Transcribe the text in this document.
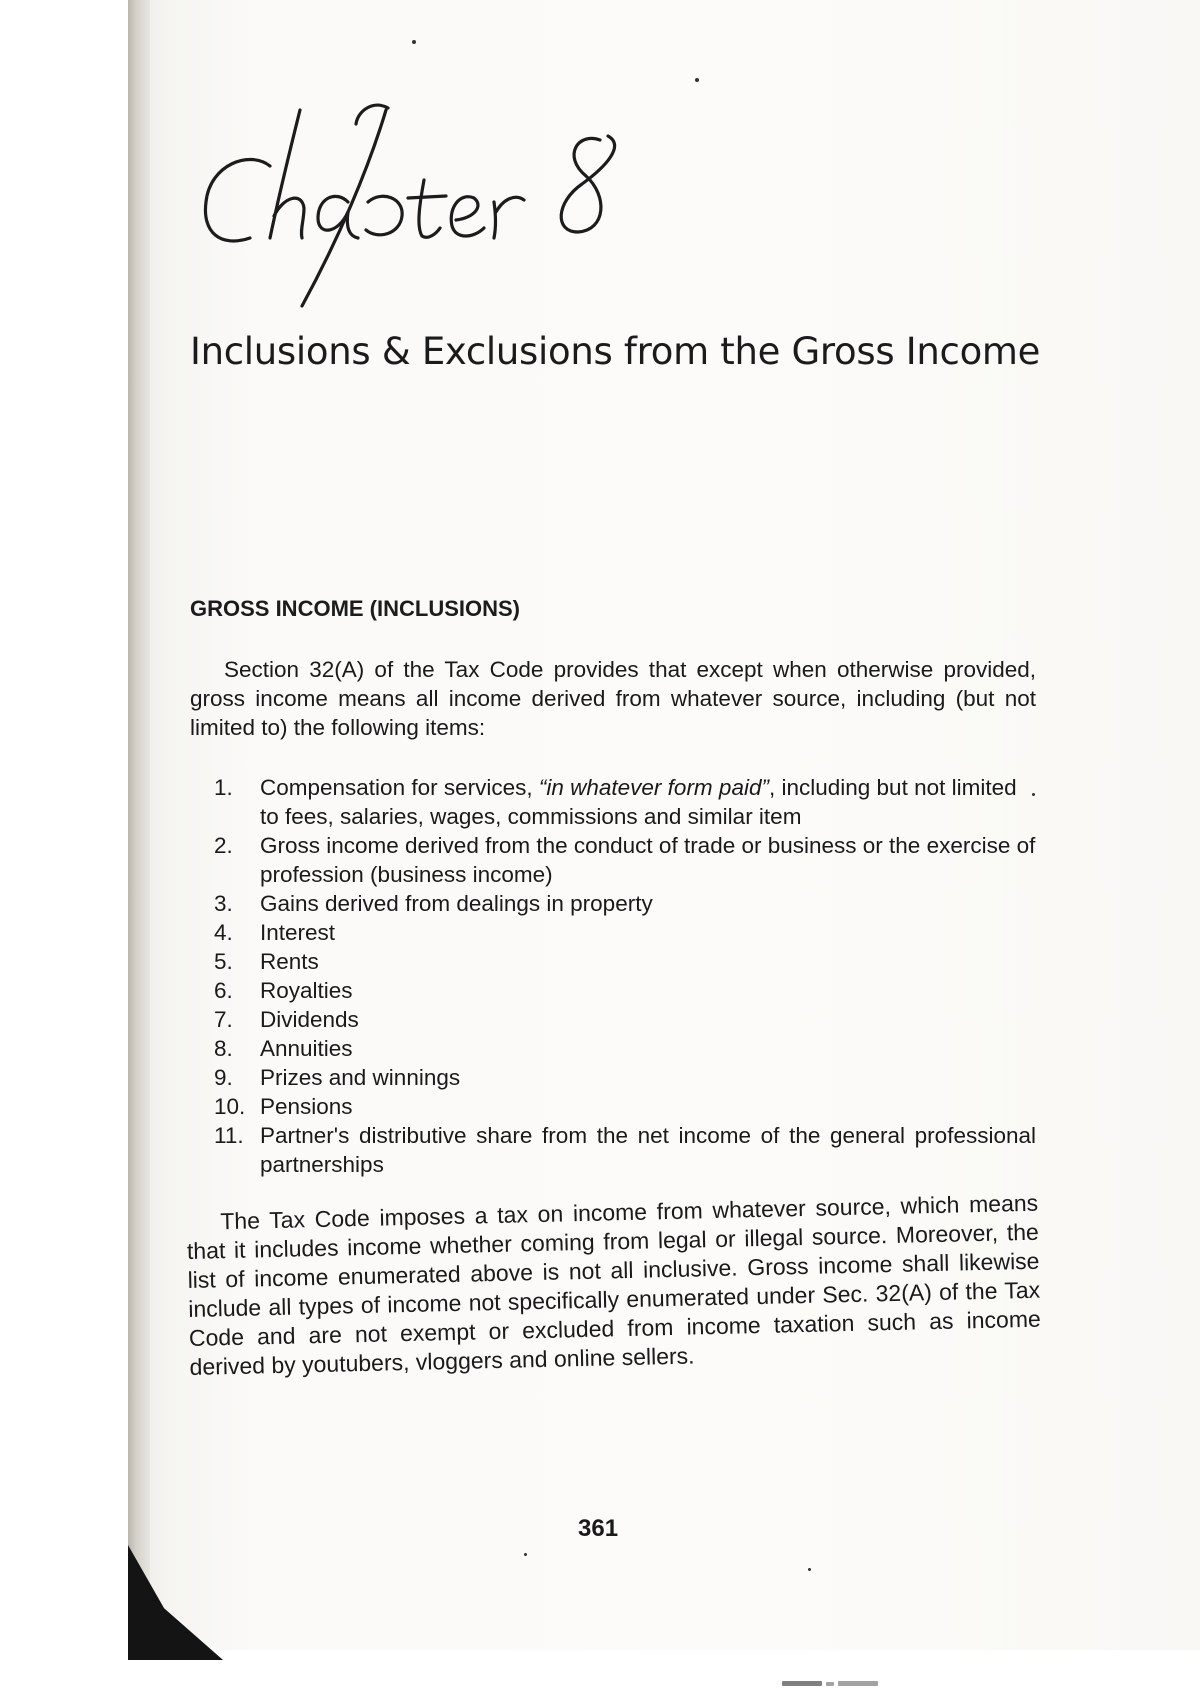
Inclusions & Exclusions from the Gross Income
GROSS INCOME (INCLUSIONS)

Section 32(A) of the Tax Code provides that except when otherwise provided, gross income means all income derived from whatever source, including (but not limited to) the following items:

1.	Compensation for services, “in whatever form paid”, including but not limited to fees, salaries, wages, commissions and similar item
2.	Gross income derived from the conduct of trade or business or the exercise of profession (business income)
3.	Gains derived from dealings in property
4.	Interest
5.	Rents
6.	Royalties
7.	Dividends
8.	Annuities
9.	Prizes and winnings
10. Pensions
11. Partner's distributive share from the net income of the general professional partnerships

The Tax Code imposes a tax on income from whatever source, which means that it includes income whether coming from legal or illegal source. Moreover, the list of income enumerated above is not all inclusive. Gross income shall likewise include all types of income not specifically enumerated under Sec. 32(A) of the Tax Code and are not exempt or excluded from income taxation such as income derived by youtubers, vloggers and online sellers.

361
